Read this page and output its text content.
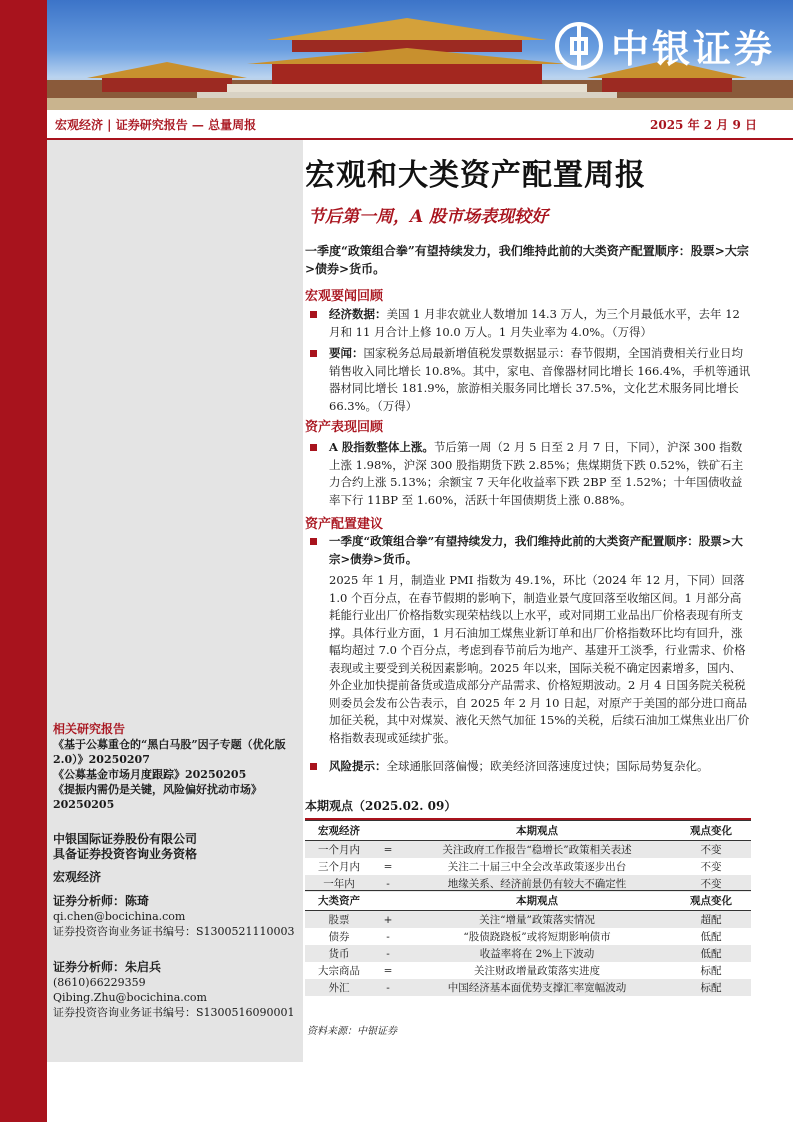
中银证券
宏观经济 | 证券研究报告 — 总量周报	2025 年 2 月 9 日

相关研究报告

《基于公募重仓的“黑白马股”因子专题（优化版 2.0）》20250207

《公募基金市场月度跟踪》20250205

《提振内需仍是关键，风险偏好扰动市场》20250205

中银国际证券股份有限公司

具备证券投资咨询业务资格

宏观经济

证券分析师：陈琦

qi.chen@bocichina.com

证券投资咨询业务证书编号：S1300521110003

证券分析师：朱启兵

(8610)66229359

Qibing.Zhu@bocichina.com

证券投资咨询业务证书编号：S1300516090001

宏观和大类资产配置周报
节后第一周，A 股市场表现较好
一季度“政策组合拳”有望持续发力，我们维持此前的大类资产配置顺序：股票>大宗>债券>货币。
宏观要闻回顾
经济数据：美国 1 月非农就业人数增加 14.3 万人，为三个月最低水平，去年 12 月和 11 月合计上修 10.0 万人。1 月失业率为 4.0%。（万得）
要闻：国家税务总局最新增值税发票数据显示：春节假期，全国消费相关行业日均销售收入同比增长 10.8%。其中，家电、音像器材同比增长 166.4%，手机等通讯器材同比增长 181.9%，旅游相关服务同比增长 37.5%，文化艺术服务同比增长 66.3%。（万得）
资产表现回顾
A 股指数整体上涨。节后第一周（2 月 5 日至 2 月 7 日，下同），沪深 300 指数上涨 1.98%，沪深 300 股指期货下跌 2.85%；焦煤期货下跌 0.52%，铁矿石主力合约上涨 5.13%；余额宝 7 天年化收益率下跌 2BP 至 1.52%；十年国债收益率下行 11BP 至 1.60%，活跃十年国债期货上涨 0.88%。
资产配置建议
一季度“政策组合拳”有望持续发力，我们维持此前的大类资产配置顺序：股票>大宗>债券>货币。
2025 年 1 月，制造业 PMI 指数为 49.1%，环比（2024 年 12 月，下同）回落 1.0 个百分点，在春节假期的影响下，制造业景气度回落至收缩区间。1 月部分高耗能行业出厂价格指数实现荣枯线以上水平，或对同期工业品出厂价格表现有所支撑。具体行业方面，1 月石油加工煤焦业新订单和出厂价格指数环比均有回升，涨幅均超过 7.0 个百分点，考虑到春节前后为地产、基建开工淡季，行业需求、价格表现或主要受到关税因素影响。2025 年以来，国际关税不确定因素增多，国内、外企业加快提前备货或造成部分产品需求、价格短期波动。2 月 4 日国务院关税税则委员会发布公告表示，自 2025 年 2 月 10 日起，对原产于美国的部分进口商品加征关税，其中对煤炭、液化天然气加征 15%的关税，后续石油加工煤焦业出厂价格指数表现或延续扩张。
风险提示：全球通胀回落偏慢；欧美经济回落速度过快；国际局势复杂化。
本期观点（2025.02. 09）
宏观经济		本期观点	观点变化
一个月内	=	关注政府工作报告“稳增长”政策相关表述	不变
三个月内	=	关注二十届三中全会改革政策逐步出台	不变
一年内	-	地缘关系、经济前景仍有较大不确定性	不变
大类资产		本期观点	观点变化
股票	+	关注“增量”政策落实情况	超配
债券	-	“股债跷跷板”或将短期影响债市	低配
货币	-	收益率将在 2%上下波动	低配
大宗商品	=	关注财政增量政策落实进度	标配
外汇	-	中国经济基本面优势支撑汇率宽幅波动	标配
资料来源：中银证券
